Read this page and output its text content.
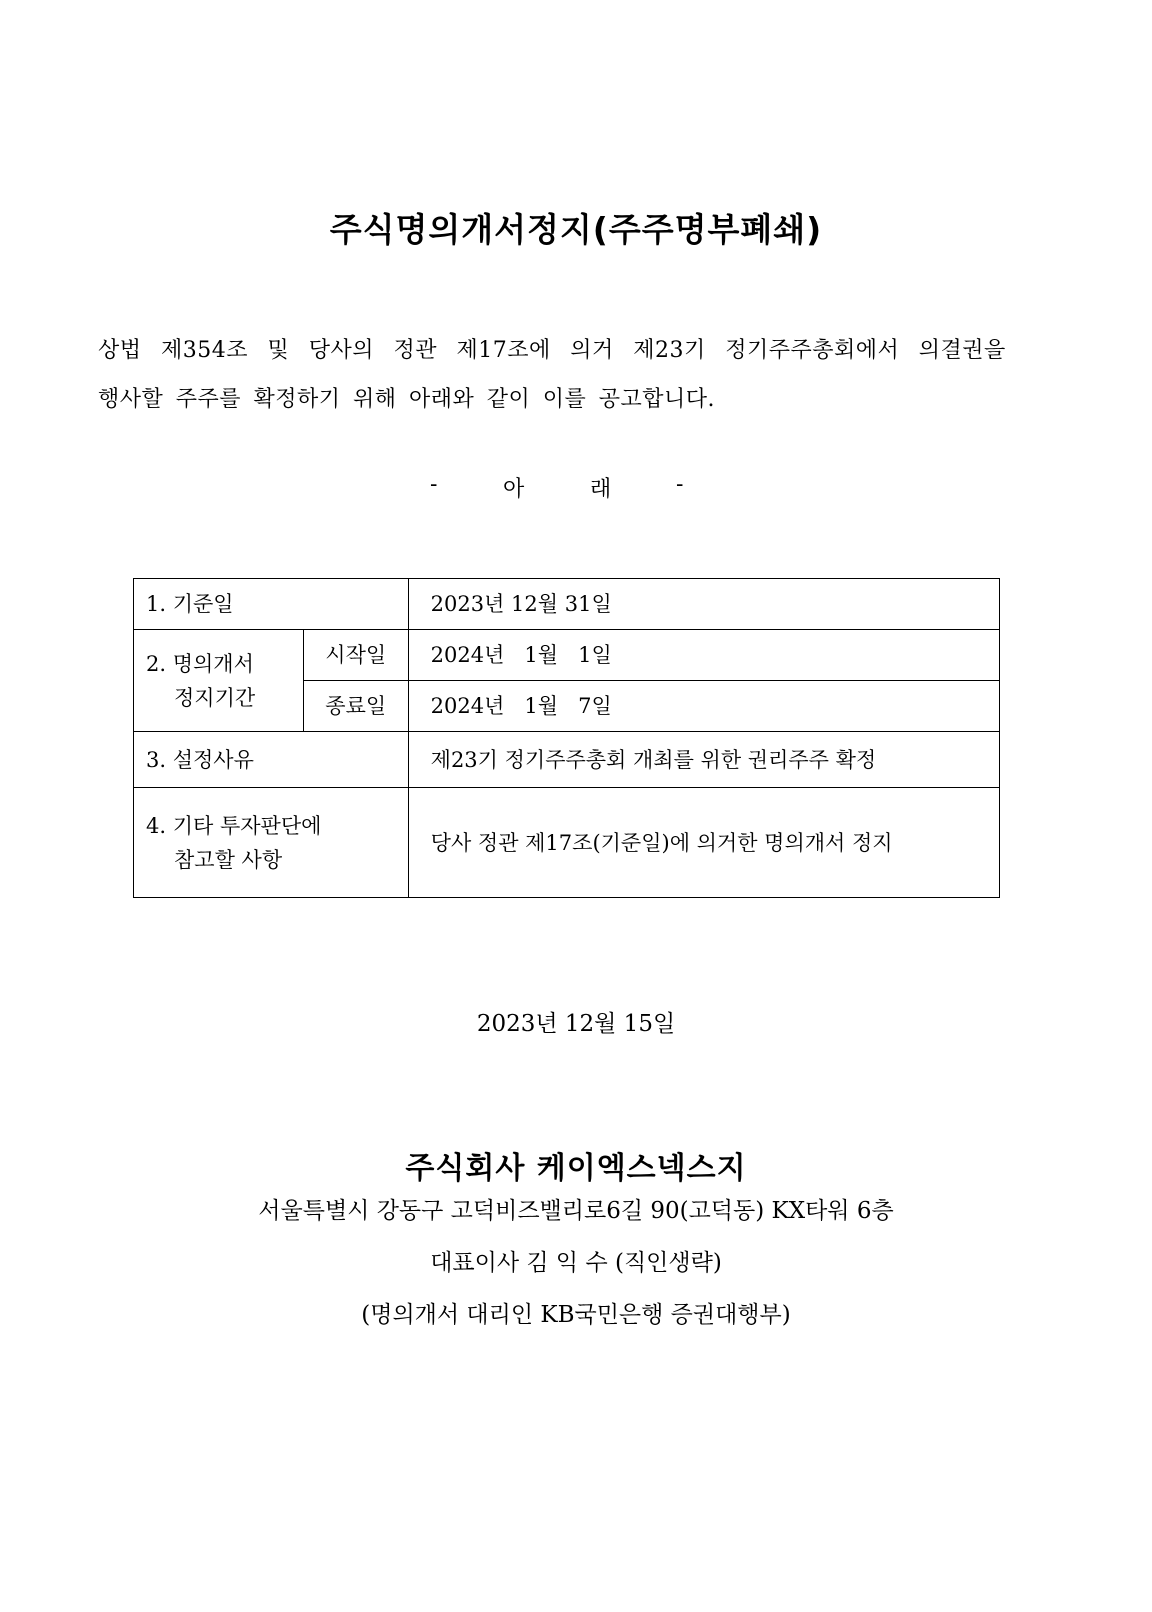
주식명의개서정지(주주명부폐쇄)
상법 제354조 및 당사의 정관 제17조에 의거 제23기 정기주주총회에서 의결권을
행사할 주주를 확정하기 위해 아래와 같이 이를 공고합니다.
-	아	래	-
1. 기준일		2023년 12월 31일

2. 명의개서
정지기간	시작일	2024년   1월   1일
	종료일	2024년   1월   7일
3. 설정사유		제23기 정기주주총회 개최를 위한 권리주주 확정

4. 기타 투자판단에
참고할 사항		당사 정관 제17조(기준일)에 의거한 명의개서 정지
2023년 12월 15일
주식회사 케이엑스넥스지
서울특별시 강동구 고덕비즈밸리로6길 90(고덕동) KX타워 6층
대표이사 김 익 수 (직인생략)
(명의개서 대리인 KB국민은행 증권대행부)
